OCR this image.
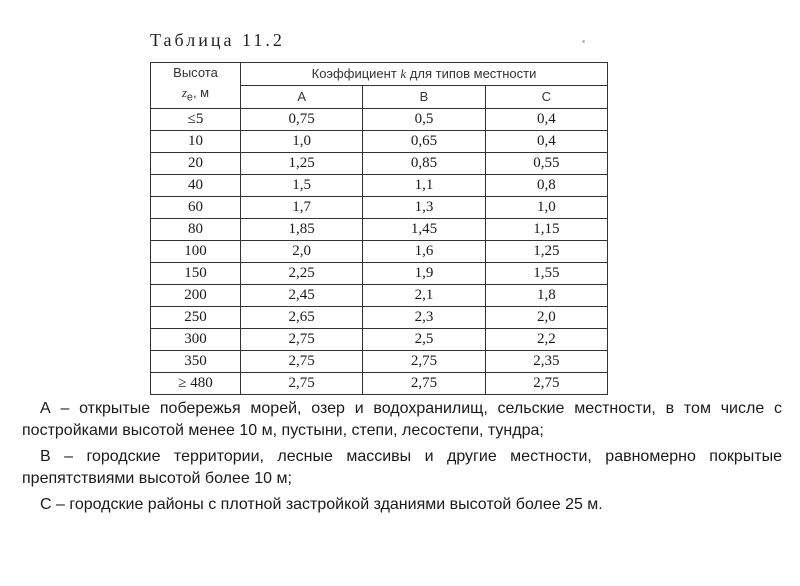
Таблица 11.2
Высота
$z_e$, м	Коэффициент k для типов местности		
	A	B	C
≤5	0,75	0,5	0,4
10	1,0	0,65	0,4
20	1,25	0,85	0,55
40	1,5	1,1	0,8
60	1,7	1,3	1,0
80	1,85	1,45	1,15
100	2,0	1,6	1,25
150	2,25	1,9	1,55
200	2,45	2,1	1,8
250	2,65	2,3	2,0
300	2,75	2,5	2,2
350	2,75	2,75	2,35
≥ 480	2,75	2,75	2,75

А – открытые побережья морей, озер и водохранилищ, сельские местности, в том числе с постройками высотой менее 10 м, пустыни, степи, лесостепи, тундра;

В – городские территории, лесные массивы и другие местности, равномерно покрытые препятствиями высотой более 10 м;

С – городские районы с плотной застройкой зданиями высотой более 25 м.
